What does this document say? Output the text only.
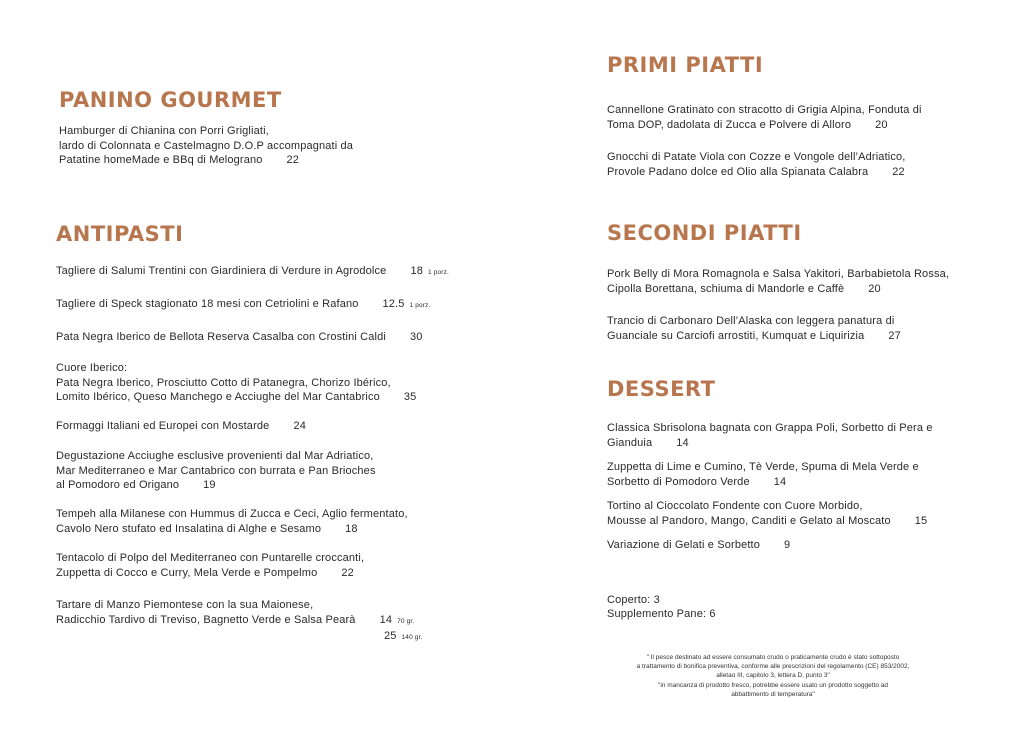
PANINO GOURMET
ANTIPASTI
PRIMI PIATTI
SECONDI PIATTI
DESSERT
Hamburger di Chianina con Porri Grigliati,
lardo di Colonnata e Castelmagno D.O.P accompagnati da
Patatine homeMade e BBq di Melograno 22
Tagliere di Salumi Trentini con Giardiniera di Verdure in Agrodolce 18 1 porz.
Tagliere di Speck stagionato 18 mesi con Cetriolini e Rafano 12.5 1 porz.
Pata Negra Iberico de Bellota Reserva Casalba con Crostini Caldi 30
Cuore Iberico:
Pata Negra Iberico, Prosciutto Cotto di Patanegra, Chorizo Ibérico,
Lomito Ibérico, Queso Manchego e Acciughe del Mar Cantabrico 35
Formaggi Italiani ed Europei con Mostarde 24
Degustazione Acciughe esclusive provenienti dal Mar Adriatico,
Mar Mediterraneo e Mar Cantabrico con burrata e Pan Brioches
al Pomodoro ed Origano 19
Tempeh alla Milanese con Hummus di Zucca e Ceci, Aglio fermentato,
Cavolo Nero stufato ed Insalatina di Alghe e Sesamo 18
Tentacolo di Polpo del Mediterraneo con Puntarelle croccanti,
Zuppetta di Cocco e Curry, Mela Verde e Pompelmo 22
Tartare di Manzo Piemontese con la sua Maionese,
Radicchio Tardivo di Treviso, Bagnetto Verde e Salsa Pearà 14 70 gr.
25 140 gr.
Cannellone Gratinato con stracotto di Grigia Alpina, Fonduta di
Toma DOP, dadolata di Zucca e Polvere di Alloro 20
Gnocchi di Patate Viola con Cozze e Vongole dell’Adriatico,
Provole Padano dolce ed Olio alla Spianata Calabra 22
Pork Belly di Mora Romagnola e Salsa Yakitori, Barbabietola Rossa,
Cipolla Borettana, schiuma di Mandorle e Caffè 20
Trancio di Carbonaro Dell’Alaska con leggera panatura di
Guanciale su Carciofi arrostiti, Kumquat e Liquirizia 27
Classica Sbrisolona bagnata con Grappa Poli, Sorbetto di Pera e
Gianduia 14
Zuppetta di Lime e Cumino, Tè Verde, Spuma di Mela Verde e
Sorbetto di Pomodoro Verde 14
Tortino al Cioccolato Fondente con Cuore Morbido,
Mousse al Pandoro, Mango, Canditi e Gelato al Moscato 15
Variazione di Gelati e Sorbetto 9
Coperto: 3
Supplemento Pane: 6
" Il pesce destinato ad essere consumato crudo o praticamente crudo è stato sottoposto
a trattamento di bonifica preventiva, conforme alle prescrizioni del regolamento (CE) 853/2002,
alletao III, capitolo 3, lettera D, punto 3"
"in mancanza di prodotto fresco, potrebbe essere usato un prodotto soggetto ad
abbattimento di temperatura"
